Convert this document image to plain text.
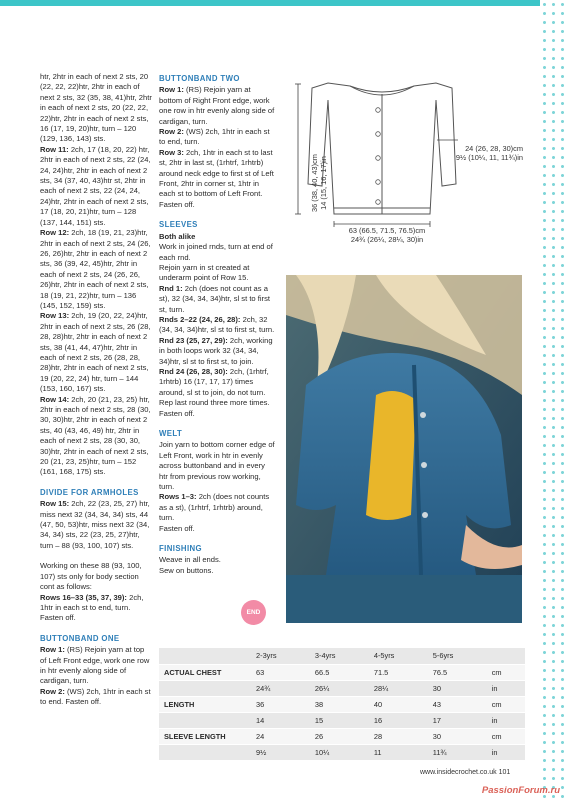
htr, 2htr in each of next 2 sts, 20 (22, 22, 22)htr, 2htr in each of next 2 sts, 32 (35, 38, 41)htr, 2htr in each of next 2 sts, 20 (22, 22, 22)htr, 2htr in each of next 2 sts, 16 (17, 19, 20)htr, turn – 120 (129, 136, 143) sts.

Row 11: 2ch, 17 (18, 20, 22) htr, 2htr in each of next 2 sts, 22 (24, 24, 24)htr, 2htr in each of next 2 sts, 34 (37, 40, 43)htr st, 2htr in each of next 2 sts, 22 (24, 24, 24)htr, 2htr in each of next 2 sts, 17 (18, 20, 21)htr, turn – 128 (137, 144, 151) sts.

Row 12: 2ch, 18 (19, 21, 23)htr, 2htr in each of next 2 sts, 24 (26, 26, 26)htr, 2htr in each of next 2 sts, 36 (39, 42, 45)htr, 2htr in each of next 2 sts, 24 (26, 26, 26)htr, 2htr in each of next 2 sts, 18 (19, 21, 22)htr, turn – 136 (145, 152, 159) sts.

Row 13: 2ch, 19 (20, 22, 24)htr, 2htr in each of next 2 sts, 26 (28, 28, 28)htr, 2htr in each of next 2 sts, 38 (41, 44, 47)htr, 2htr in each of next 2 sts, 26 (28, 28, 28)htr, 2htr in each of next 2 sts, 19 (20, 22, 24) htr, turn – 144 (153, 160, 167) sts.

Row 14: 2ch, 20 (21, 23, 25) htr, 2htr in each of next 2 sts, 28 (30, 30, 30)htr, 2htr in each of next 2 sts, 40 (43, 46, 49) htr, 2htr in each of next 2 sts, 28 (30, 30, 30)htr, 2htr in each of next 2 sts, 20 (21, 23, 25)htr, turn – 152 (161, 168, 175) sts.

DIVIDE FOR ARMHOLES

Row 15: 2ch, 22 (23, 25, 27) htr, miss next 32 (34, 34, 34) sts, 44 (47, 50, 53)htr, miss next 32 (34, 34, 34) sts, 22 (23, 25, 27)htr, turn – 88 (93, 100, 107) sts.

Working on these 88 (93, 100, 107) sts only for body section cont as follows:

Rows 16–33 (35, 37, 39): 2ch, 1htr in each st to end, turn. Fasten off.

BUTTONBAND ONE

Row 1: (RS) Rejoin yarn at top of Left Front edge, work one row in htr evenly along side of cardigan, turn.

Row 2: (WS) 2ch, 1htr in each st to end. Fasten off.

BUTTONBAND TWO

Row 1: (RS) Rejoin yarn at bottom of Right Front edge, work one row in htr evenly along side of cardigan, turn.

Row 2: (WS) 2ch, 1htr in each st to end, turn.

Row 3: 2ch, 1htr in each st to last st, 2htr in last st, (1rhtrf, 1rhtrb) around neck edge to first st of Left Front, 2htr in corner st, 1htr in each st to bottom of Left Front. Fasten off.

SLEEVES

Both alike

Work in joined rnds, turn at end of each rnd.

Rejoin yarn in st created at underarm point of Row 15.

Rnd 1: 2ch (does not count as a st), 32 (34, 34, 34)htr, sl st to first st, turn.

Rnds 2–22 (24, 26, 28): 2ch, 32 (34, 34, 34)htr, sl st to first st, turn.

Rnd 23 (25, 27, 29): 2ch, working in both loops work 32 (34, 34, 34)htr, sl st to first st, to join.

Rnd 24 (26, 28, 30): 2ch, (1rhtrf, 1rhtrb) 16 (17, 17, 17) times around, sl st to join, do not turn.

Rep last round three more times.

Fasten off.

WELT

Join yarn to bottom corner edge of Left Front, work in htr in evenly across buttonband and in every htr from previous row working, turn.

Rows 1–3: 2ch (does not counts as a st), (1rhtrf, 1rhtrb) around, turn.

Fasten off.

FINISHING

Weave in all ends.

Sew on buttons.

36 (38, 40, 43)cm 14 (15, 16, 17)in
24 (26, 28, 30)cm
9½ (10¼, 11, 11¾)in
63 (66.5, 71.5, 76.5)cm
24¾ (26¼, 28¼, 30)in
END
	2-3yrs	3-4yrs	4-5yrs	5-6yrs	
ACTUAL CHEST	63	66.5	71.5	76.5	cm
	24¾	26¼	28¼	30	in
LENGTH	36	38	40	43	cm
	14	15	16	17	in
SLEEVE LENGTH	24	26	28	30	cm
	9½	10¼	11	11¾	in
www.insidecrochet.co.uk 101
PassionForum.ru
